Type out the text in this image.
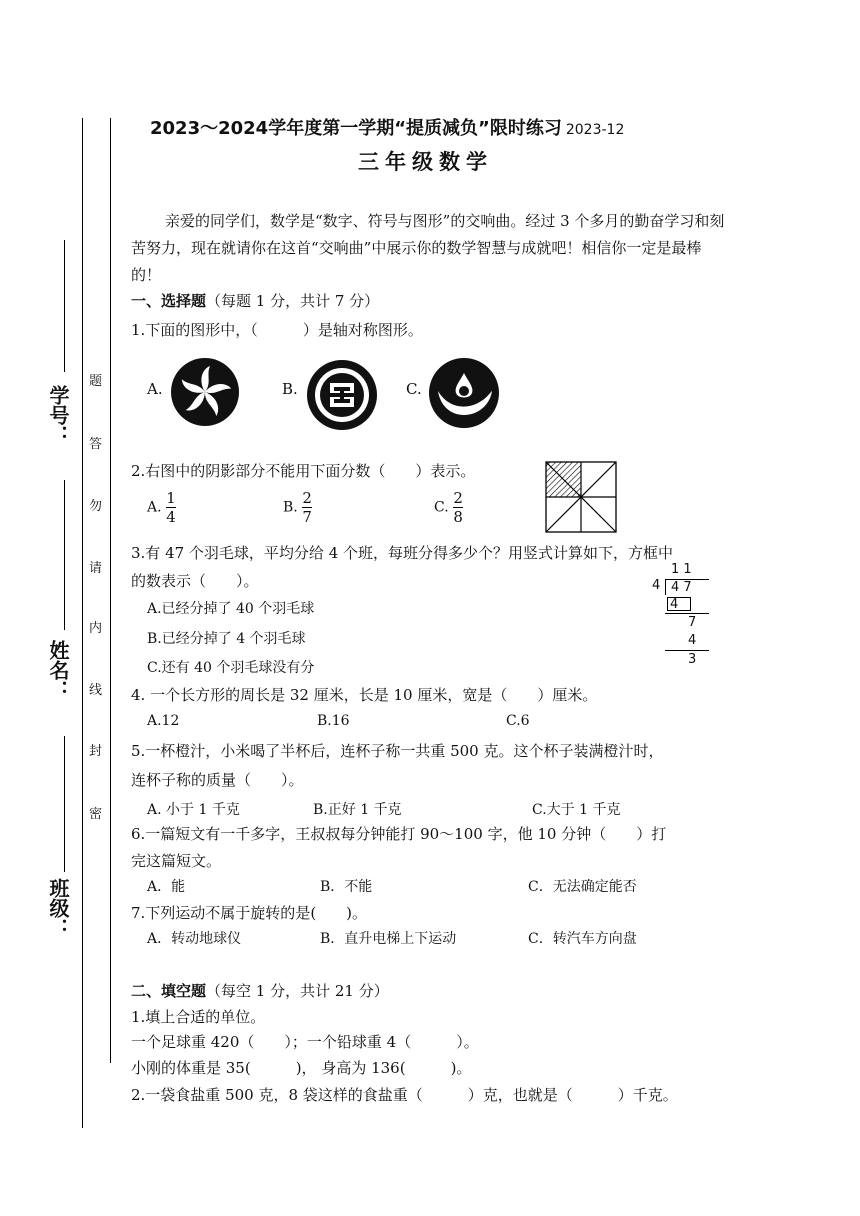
学号：
姓名：
班级：
题
答
勿
请
内
线
封
密
2023～2024学年度第一学期“提质减负”限时练习 2023-12
三年级数学
亲爱的同学们，数学是“数字、符号与图形”的交响曲。经过 3 个多月的勤奋学习和刻苦努力，现在就请你在这首“交响曲”中展示你的数学智慧与成就吧！相信你一定是最棒的！
一、选择题（每题 1 分，共计 7 分）
1.下面的图形中，（　　　）是轴对称图形。
A.	B.	C.
2.右图中的阴影部分不能用下面分数（　　）表示。
A. $\frac{1}{4}$	B. $\frac{2}{7}$	C. $\frac{2}{8}$
3.有 47 个羽毛球，平均分给 4 个班，每班分得多少个？用竖式计算如下，方框中
的数表示（　　）。
A.已经分掉了 40 个羽毛球
B.已经分掉了 4 个羽毛球
C.还有 40 个羽毛球没有分
1 1
4 4 7
4
7
4
3
4. 一个长方形的周长是 32 厘米，长是 10 厘米，宽是（　　）厘米。
A.12	B.16	C.6
5.一杯橙汁，小米喝了半杯后，连杯子称一共重 500 克。这个杯子装满橙汁时，
连杯子称的质量（　　）。
A. 小于 1 千克	B.正好 1 千克	C.大于 1 千克
6.一篇短文有一千多字，王叔叔每分钟能打 90～100 字，他 10 分钟（　　）打
完这篇短文。
A．能	B．不能	C．无法确定能否
7.下列运动不属于旋转的是(　　)。
A．转动地球仪	B．直升电梯上下运动	C．转汽车方向盘
二、填空题（每空 1 分，共计 21 分）
1.填上合适的单位。
一个足球重 420（　　）；一个铅球重 4（　　　）。
小刚的体重是 35(　　　)， 身高为 136(　　　)。
2.一袋食盐重 500 克，8 袋这样的食盐重（　　　）克，也就是（　　　）千克。
